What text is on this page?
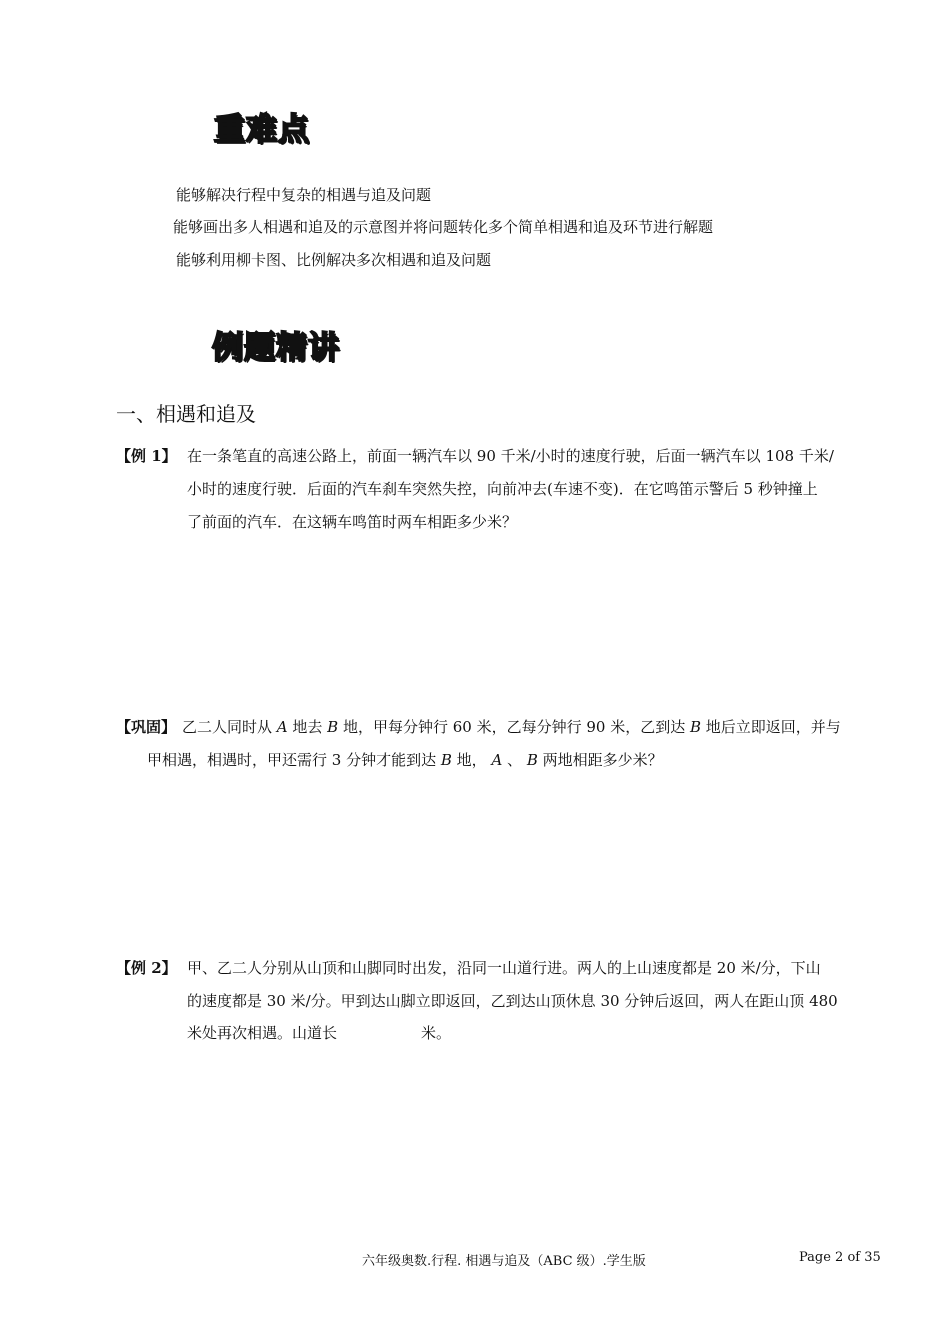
重难点
能够解决行程中复杂的相遇与追及问题
能够画出多人相遇和追及的示意图并将问题转化多个简单相遇和追及环节进行解题
能够利用柳卡图、比例解决多次相遇和追及问题
例题精讲
一、相遇和追及
【例 1】 在一条笔直的高速公路上，前面一辆汽车以 90 千米/小时的速度行驶，后面一辆汽车以 108 千米/
小时的速度行驶．后面的汽车刹车突然失控，向前冲去(车速不变)．在它鸣笛示警后 5 秒钟撞上
了前面的汽车．在这辆车鸣笛时两车相距多少米？
【巩固】 乙二人同时从 A 地去 B 地，甲每分钟行 60 米，乙每分钟行 90 米，乙到达 B 地后立即返回，并与
甲相遇，相遇时，甲还需行 3 分钟才能到达 B 地， A 、 B 两地相距多少米？
【例 2】 甲、乙二人分别从山顶和山脚同时出发，沿同一山道行进。两人的上山速度都是 20 米/分，下山
的速度都是 30 米/分。甲到达山脚立即返回，乙到达山顶休息 30 分钟后返回，两人在距山顶 480
米处再次相遇。山道长	米。
六年级奥数.行程. 相遇与追及（ABC 级）.学生版	Page 2 of 35
